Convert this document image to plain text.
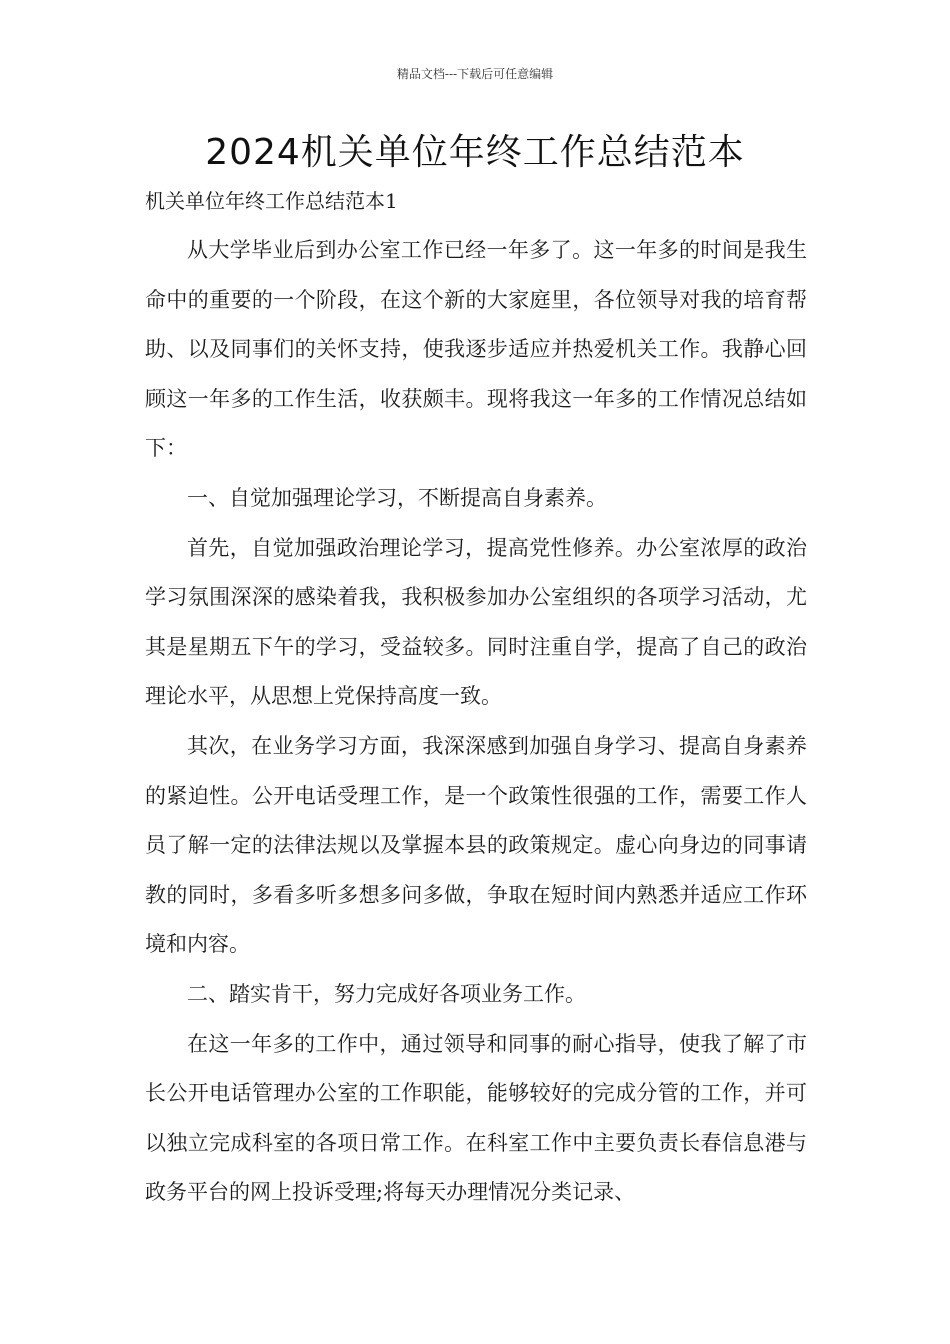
精品文档---下载后可任意编辑
2024机关单位年终工作总结范本
机关单位年终工作总结范本1

从大学毕业后到办公室工作已经一年多了。这一年多的时间是我生命中的重要的一个阶段，在这个新的大家庭里，各位领导对我的培育帮助、以及同事们的关怀支持，使我逐步适应并热爱机关工作。我静心回顾这一年多的工作生活，收获颇丰。现将我这一年多的工作情况总结如下：

一、自觉加强理论学习，不断提高自身素养。

首先，自觉加强政治理论学习，提高党性修养。办公室浓厚的政治学习氛围深深的感染着我，我积极参加办公室组织的各项学习活动，尤其是星期五下午的学习，受益较多。同时注重自学，提高了自己的政治理论水平，从思想上党保持高度一致。

其次，在业务学习方面，我深深感到加强自身学习、提高自身素养的紧迫性。公开电话受理工作，是一个政策性很强的工作，需要工作人员了解一定的法律法规以及掌握本县的政策规定。虚心向身边的同事请教的同时，多看多听多想多问多做，争取在短时间内熟悉并适应工作环境和内容。

二、踏实肯干，努力完成好各项业务工作。

在这一年多的工作中，通过领导和同事的耐心指导，使我了解了市长公开电话管理办公室的工作职能，能够较好的完成分管的工作，并可以独立完成科室的各项日常工作。在科室工作中主要负责长春信息港与政务平台的网上投诉受理;将每天办理情况分类记录、
